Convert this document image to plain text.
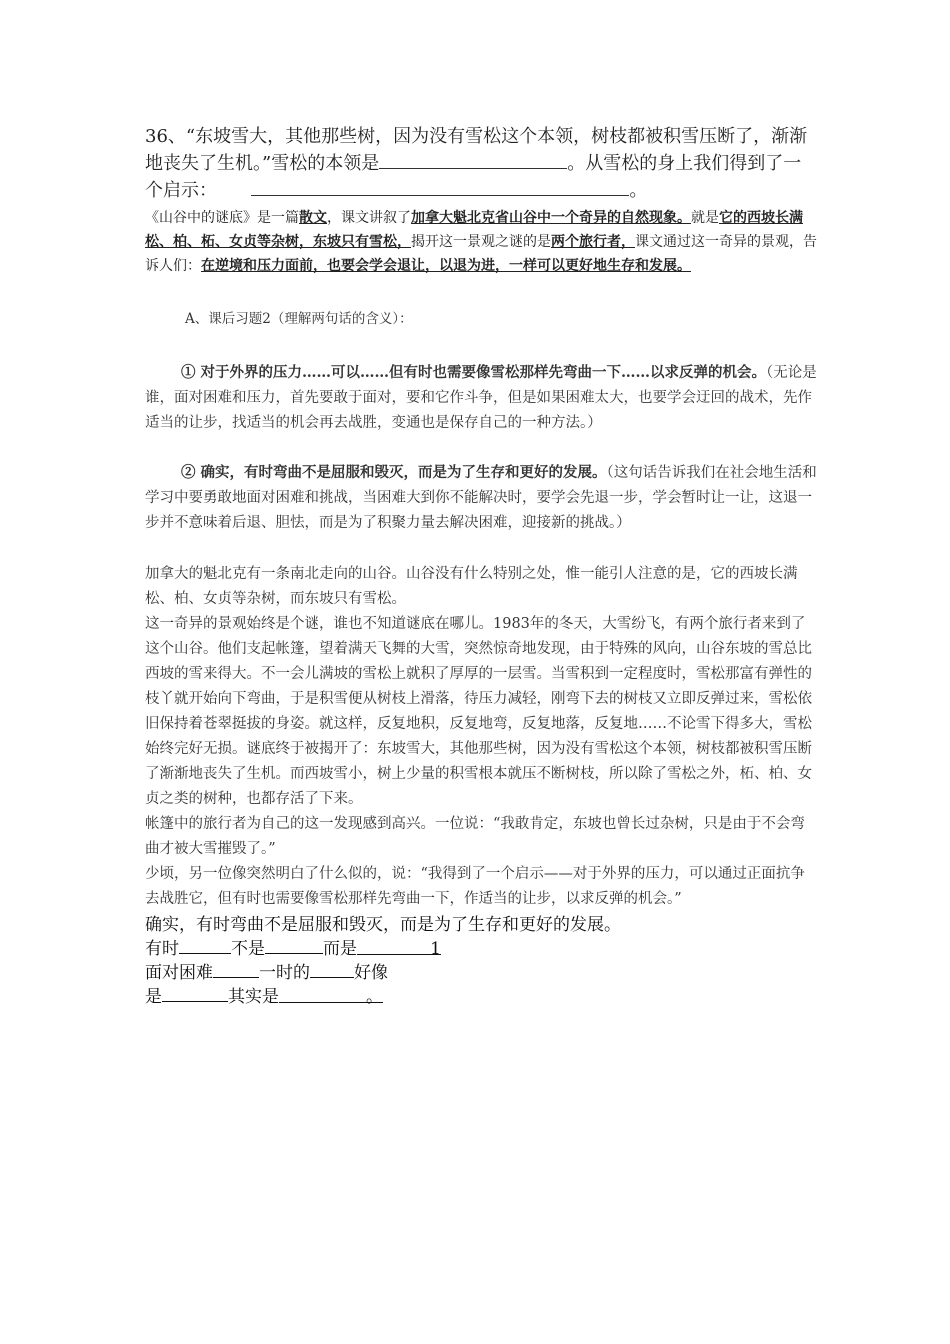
36、“东坡雪大，其他那些树，因为没有雪松这个本领，树枝都被积雪压断了，渐渐地丧失了生机。”雪松的本领是	。从雪松的身上我们得到了一个启示：	。

《山谷中的谜底》是一篇散文，课文讲叙了加拿大魁北克省山谷中一个奇异的自然现象。就是它的西坡长满松、柏、柘、女贞等杂树，东坡只有雪松，揭开这一景观之谜的是两个旅行者，课文通过这一奇异的景观，告诉人们：在逆境和压力面前，也要会学会退让，以退为进，一样可以更好地生存和发展。

A、课后习题2（理解两句话的含义）：

① 对于外界的压力……可以……但有时也需要像雪松那样先弯曲一下……以求反弹的机会。（无论是谁，面对困难和压力，首先要敢于面对，要和它作斗争，但是如果困难太大，也要学会迂回的战术，先作适当的让步，找适当的机会再去战胜，变通也是保存自己的一种方法。）

② 确实，有时弯曲不是屈服和毁灭，而是为了生存和更好的发展。（这句话告诉我们在社会地生活和学习中要勇敢地面对困难和挑战，当困难大到你不能解决时，要学会先退一步，学会暂时让一让，这退一步并不意味着后退、胆怯，而是为了积聚力量去解决困难，迎接新的挑战。）

加拿大的魁北克有一条南北走向的山谷。山谷没有什么特别之处，惟一能引人注意的是，它的西坡长满松、柏、女贞等杂树，而东坡只有雪松。

这一奇异的景观始终是个谜，谁也不知道谜底在哪儿。1983年的冬天，大雪纷飞，有两个旅行者来到了这个山谷。他们支起帐篷，望着满天飞舞的大雪，突然惊奇地发现，由于特殊的风向，山谷东坡的雪总比西坡的雪来得大。不一会儿满坡的雪松上就积了厚厚的一层雪。当雪积到一定程度时，雪松那富有弹性的枝丫就开始向下弯曲，于是积雪便从树枝上滑落，待压力减轻，刚弯下去的树枝又立即反弹过来，雪松依旧保持着苍翠挺拔的身姿。就这样，反复地积，反复地弯，反复地落，反复地……不论雪下得多大，雪松始终完好无损。谜底终于被揭开了：东坡雪大，其他那些树，因为没有雪松这个本领，树枝都被积雪压断了渐渐地丧失了生机。而西坡雪小，树上少量的积雪根本就压不断树枝，所以除了雪松之外，柘、柏、女贞之类的树种，也都存活了下来。

帐篷中的旅行者为自己的这一发现感到高兴。一位说：“我敢肯定，东坡也曾长过杂树，只是由于不会弯曲才被大雪摧毁了。”

少顷，另一位像突然明白了什么似的，说：“我得到了一个启示——对于外界的压力，可以通过正面抗争去战胜它，但有时也需要像雪松那样先弯曲一下，作适当的让步，以求反弹的机会。”

确实，有时弯曲不是屈服和毁灭，而是为了生存和更好的发展。

有时	不是	而是	1

面对困难	一时的	好像

是	其实是	。
